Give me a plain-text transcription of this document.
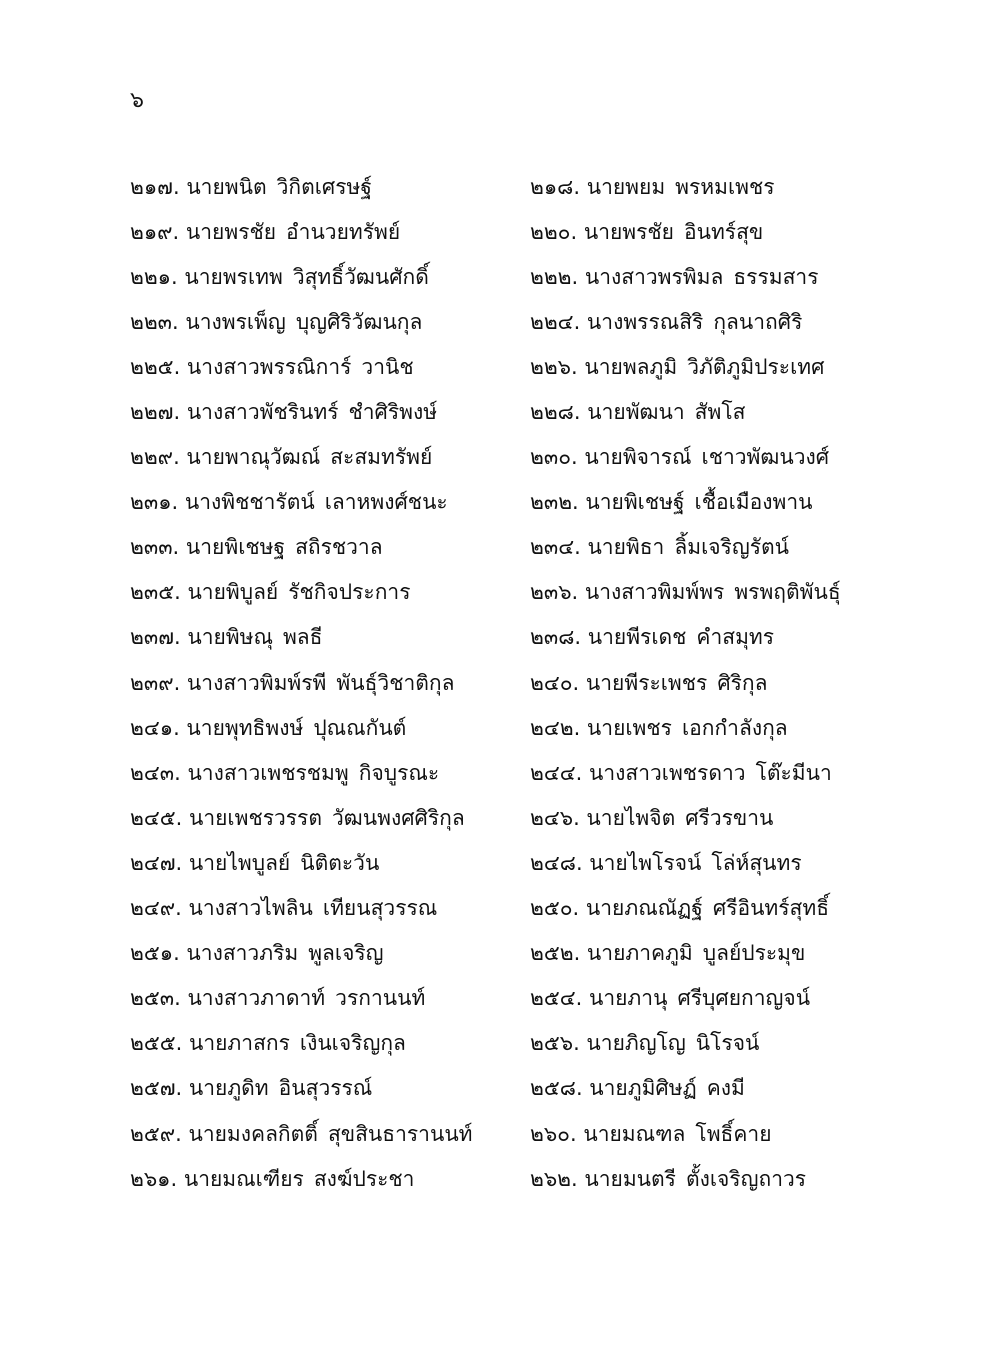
๖
๒๑๗. นายพนิต วิกิตเศรษฐ์	๒๑๘. นายพยม พรหมเพชร
๒๑๙. นายพรชัย อำนวยทรัพย์	๒๒๐. นายพรชัย อินทร์สุข
๒๒๑. นายพรเทพ วิสุทธิ์วัฒนศักดิ์	๒๒๒. นางสาวพรพิมล ธรรมสาร
๒๒๓. นางพรเพ็ญ บุญศิริวัฒนกุล	๒๒๔. นางพรรณสิริ กุลนาถศิริ
๒๒๕. นางสาวพรรณิการ์ วานิช	๒๒๖. นายพลภูมิ วิภัติภูมิประเทศ
๒๒๗. นางสาวพัชรินทร์ ชำศิริพงษ์	๒๒๘. นายพัฒนา สัพโส
๒๒๙. นายพาณุวัฒณ์ สะสมทรัพย์	๒๓๐. นายพิจารณ์ เชาวพัฒนวงศ์
๒๓๑. นางพิชชารัตน์ เลาหพงศ์ชนะ	๒๓๒. นายพิเชษฐ์ เชื้อเมืองพาน
๒๓๓. นายพิเชษฐ สถิรชวาล	๒๓๔. นายพิธา ลิ้มเจริญรัตน์
๒๓๕. นายพิบูลย์ รัชกิจประการ	๒๓๖. นางสาวพิมพ์พร พรพฤติพันธุ์
๒๓๗. นายพิษณุ พลธี	๒๓๘. นายพีรเดช คำสมุทร
๒๓๙. นางสาวพิมพ์รพี พันธุ์วิชาติกุล	๒๔๐. นายพีระเพชร ศิริกุล
๒๔๑. นายพุทธิพงษ์ ปุณณกันต์	๒๔๒. นายเพชร เอกกำลังกุล
๒๔๓. นางสาวเพชรชมพู กิจบูรณะ	๒๔๔. นางสาวเพชรดาว โต๊ะมีนา
๒๔๕. นายเพชรวรรต วัฒนพงศศิริกุล	๒๔๖. นายไพจิต ศรีวรขาน
๒๔๗. นายไพบูลย์ นิติตะวัน	๒๔๘. นายไพโรจน์ โล่ห์สุนทร
๒๔๙. นางสาวไพลิน เทียนสุวรรณ	๒๕๐. นายภณณัฏฐ์ ศรีอินทร์สุทธิ์
๒๕๑. นางสาวภริม พูลเจริญ	๒๕๒. นายภาคภูมิ บูลย์ประมุข
๒๕๓. นางสาวภาดาท์ วรกานนท์	๒๕๔. นายภานุ ศรีบุศยกาญจน์
๒๕๕. นายภาสกร เงินเจริญกุล	๒๕๖. นายภิญโญ นิโรจน์
๒๕๗. นายภูดิท อินสุวรรณ์	๒๕๘. นายภูมิศิษฏ์ คงมี
๒๕๙. นายมงคลกิตติ์ สุขสินธารานนท์	๒๖๐. นายมณฑล โพธิ์คาย
๒๖๑. นายมณเฑียร สงฆ์ประชา	๒๖๒. นายมนตรี ตั้งเจริญถาวร
